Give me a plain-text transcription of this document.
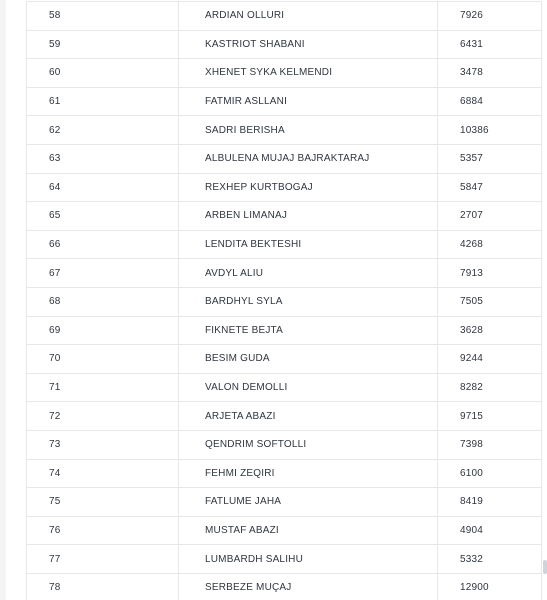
58	ARDIAN OLLURI	7926
59	KASTRIOT SHABANI	6431
60	XHENET SYKA KELMENDI	3478
61	FATMIR ASLLANI	6884
62	SADRI BERISHA	10386
63	ALBULENA MUJAJ BAJRAKTARAJ	5357
64	REXHEP KURTBOGAJ	5847
65	ARBEN LIMANAJ	2707
66	LENDITA BEKTESHI	4268
67	AVDYL ALIU	7913
68	BARDHYL SYLA	7505
69	FIKNETE BEJTA	3628
70	BESIM GUDA	9244
71	VALON DEMOLLI	8282
72	ARJETA ABAZI	9715
73	QENDRIM SOFTOLLI	7398
74	FEHMI ZEQIRI	6100
75	FATLUME JAHA	8419
76	MUSTAF ABAZI	4904
77	LUMBARDH SALIHU	5332
78	SERBEZE MUÇAJ	12900
